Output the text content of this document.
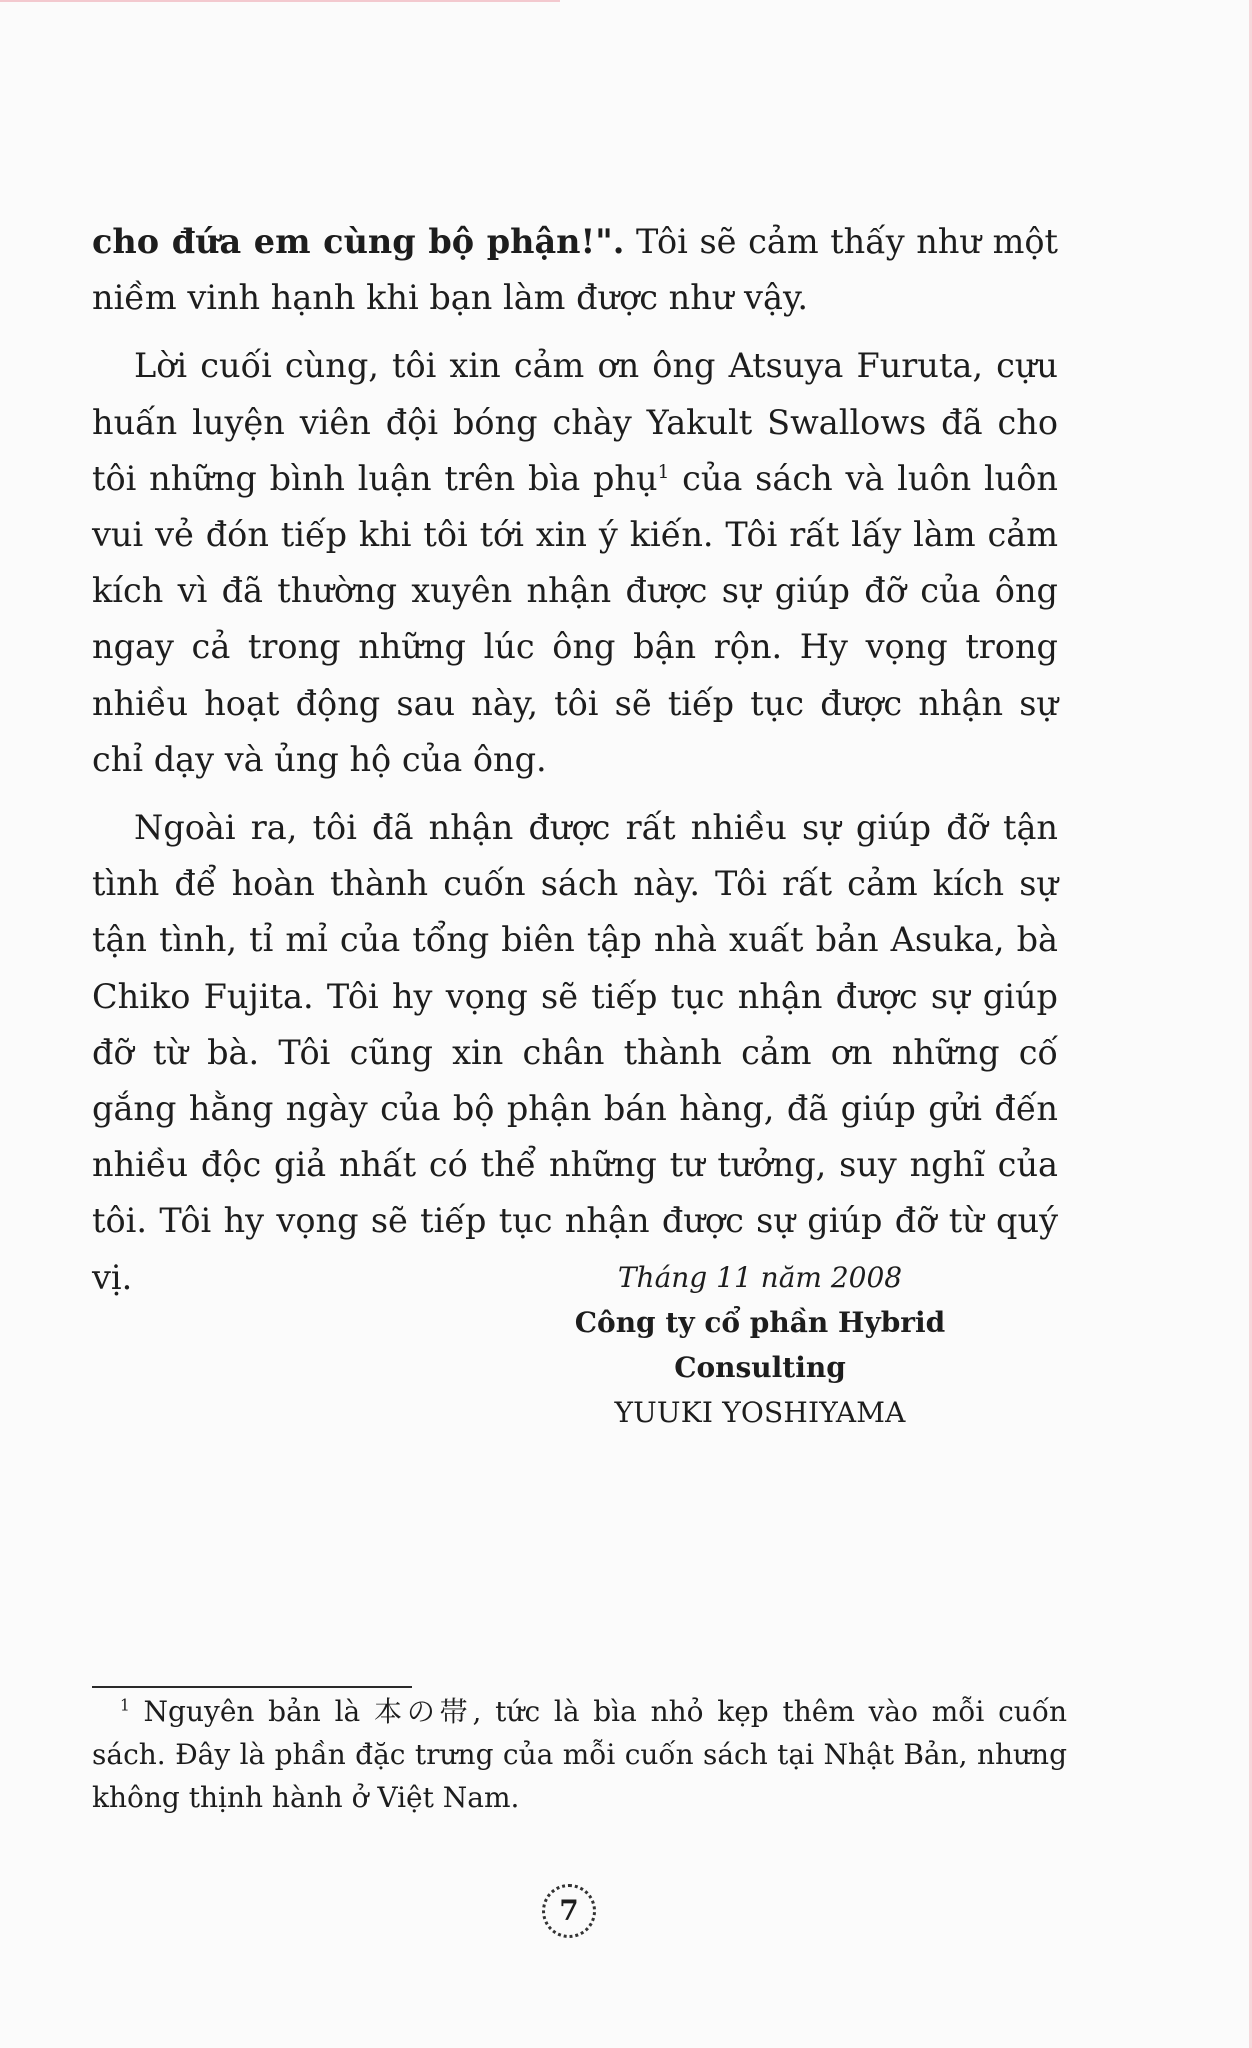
cho đứa em cùng bộ phận!". Tôi sẽ cảm thấy như một niềm vinh hạnh khi bạn làm được như vậy.

Lời cuối cùng, tôi xin cảm ơn ông Atsuya Furuta, cựu huấn luyện viên đội bóng chày Yakult Swallows đã cho tôi những bình luận trên bìa phụ$^1$ của sách và luôn luôn vui vẻ đón tiếp khi tôi tới xin ý kiến. Tôi rất lấy làm cảm kích vì đã thường xuyên nhận được sự giúp đỡ của ông ngay cả trong những lúc ông bận rộn. Hy vọng trong nhiều hoạt động sau này, tôi sẽ tiếp tục được nhận sự chỉ dạy và ủng hộ của ông.

Ngoài ra, tôi đã nhận được rất nhiều sự giúp đỡ tận tình để hoàn thành cuốn sách này. Tôi rất cảm kích sự tận tình, tỉ mỉ của tổng biên tập nhà xuất bản Asuka, bà Chiko Fujita. Tôi hy vọng sẽ tiếp tục nhận được sự giúp đỡ từ bà. Tôi cũng xin chân thành cảm ơn những cố gắng hằng ngày của bộ phận bán hàng, đã giúp gửi đến nhiều độc giả nhất có thể những tư tưởng, suy nghĩ của tôi. Tôi hy vọng sẽ tiếp tục nhận được sự giúp đỡ từ quý vị.	Tháng 11 năm 2008
Công ty cổ phần Hybrid Consulting
YUUKI YOSHIYAMA
$^1$ Nguyên bản là 本の帯, tức là bìa nhỏ kẹp thêm vào mỗi cuốn sách. Đây là phần đặc trưng của mỗi cuốn sách tại Nhật Bản, nhưng không thịnh hành ở Việt Nam.
7
